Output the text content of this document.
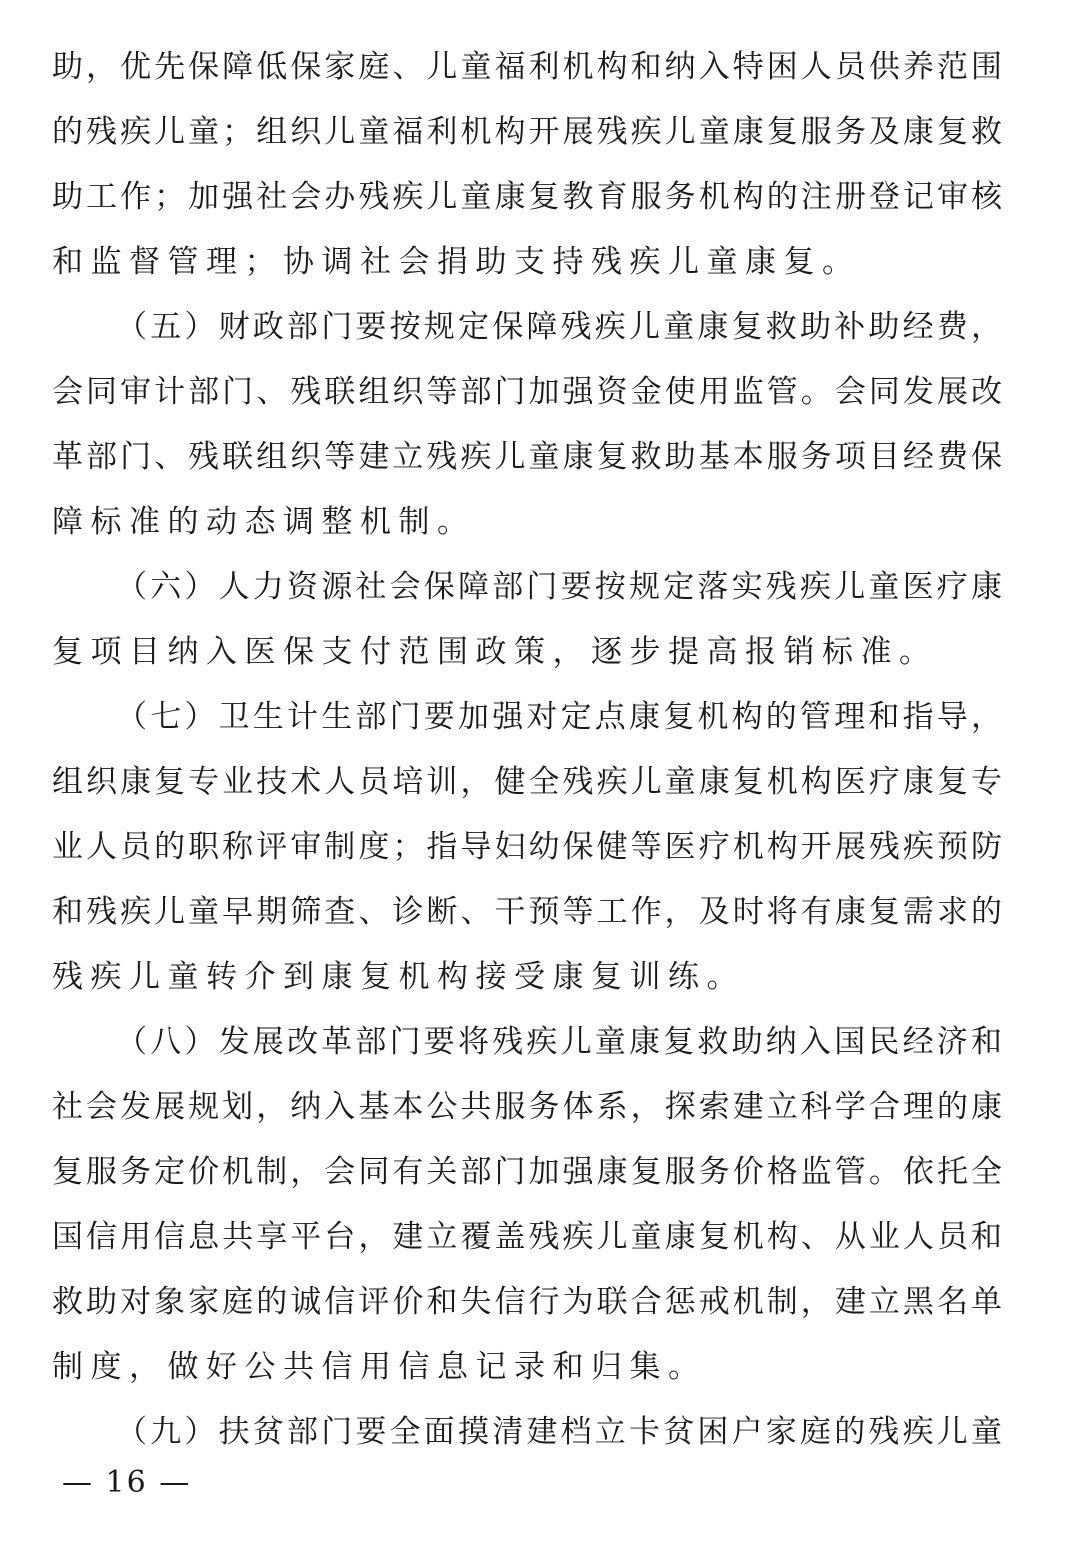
助，优先保障低保家庭、儿童福利机构和纳入特困人员供养范围
的残疾儿童；组织儿童福利机构开展残疾儿童康复服务及康复救
助工作；加强社会办残疾儿童康复教育服务机构的注册登记审核
和监督管理；协调社会捐助支持残疾儿童康复。
（五）财政部门要按规定保障残疾儿童康复救助补助经费，
会同审计部门、残联组织等部门加强资金使用监管。会同发展改
革部门、残联组织等建立残疾儿童康复救助基本服务项目经费保
障标准的动态调整机制。
（六）人力资源社会保障部门要按规定落实残疾儿童医疗康
复项目纳入医保支付范围政策，逐步提高报销标准。
（七）卫生计生部门要加强对定点康复机构的管理和指导，
组织康复专业技术人员培训，健全残疾儿童康复机构医疗康复专
业人员的职称评审制度；指导妇幼保健等医疗机构开展残疾预防
和残疾儿童早期筛查、诊断、干预等工作，及时将有康复需求的
残疾儿童转介到康复机构接受康复训练。
（八）发展改革部门要将残疾儿童康复救助纳入国民经济和
社会发展规划，纳入基本公共服务体系，探索建立科学合理的康
复服务定价机制，会同有关部门加强康复服务价格监管。依托全
国信用信息共享平台，建立覆盖残疾儿童康复机构、从业人员和
救助对象家庭的诚信评价和失信行为联合惩戒机制，建立黑名单
制度，做好公共信用信息记录和归集。
（九）扶贫部门要全面摸清建档立卡贫困户家庭的残疾儿童
— 16 —
